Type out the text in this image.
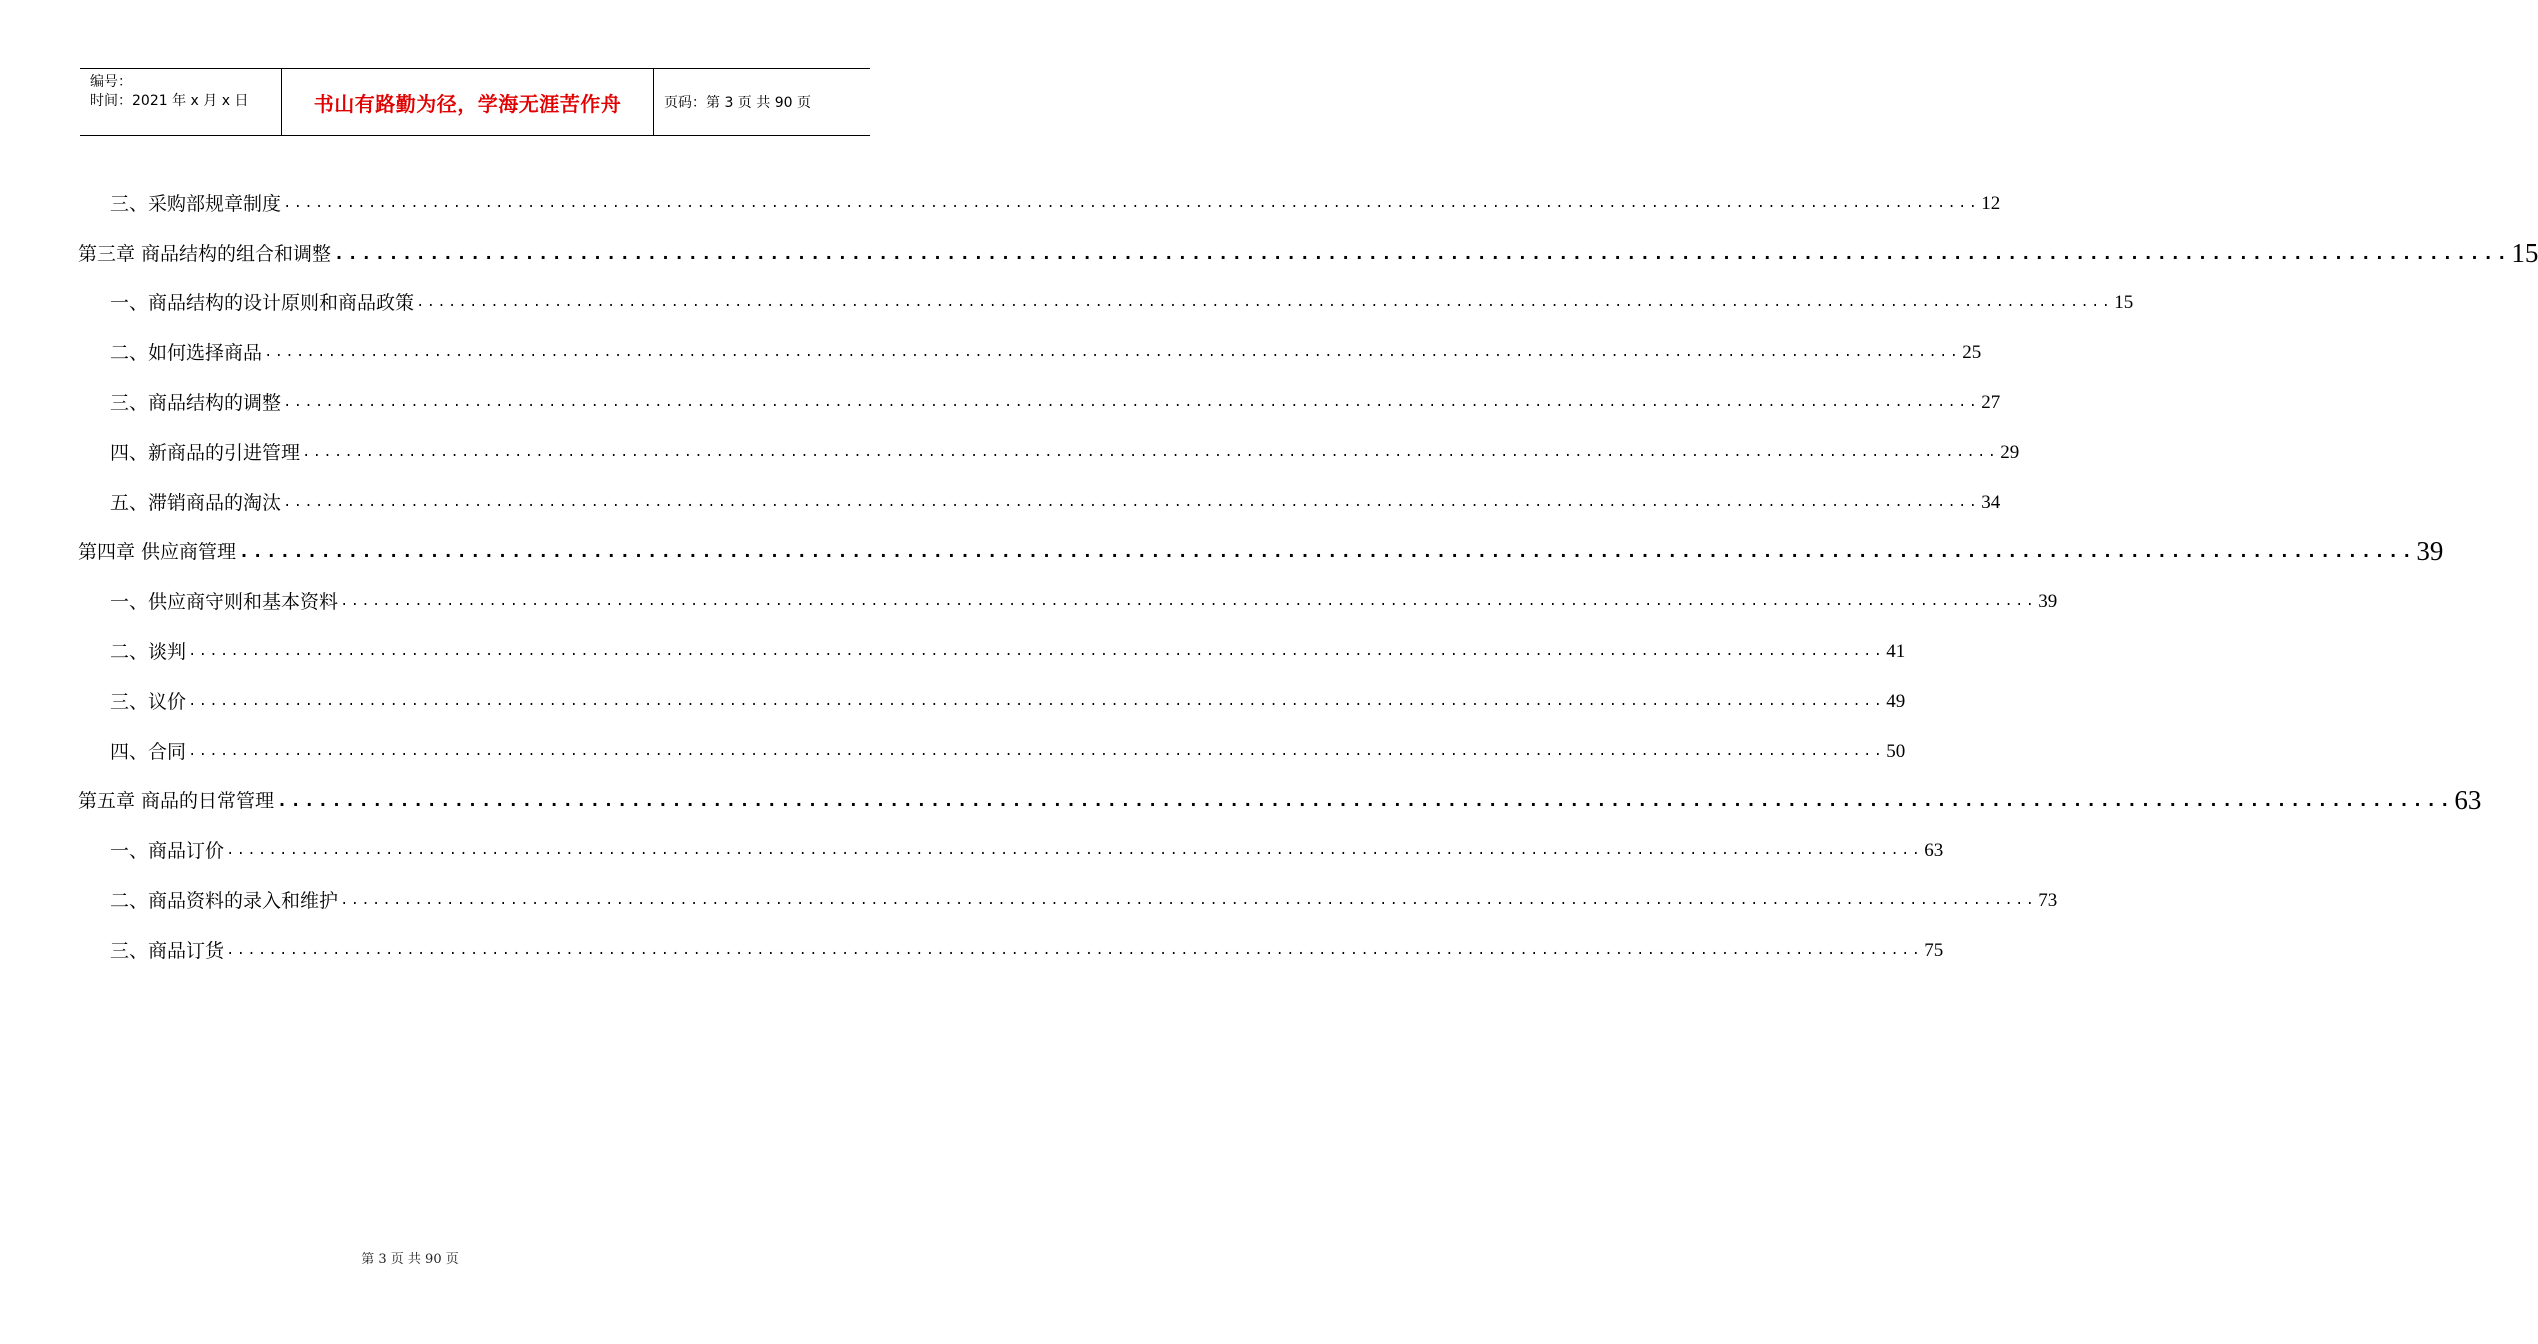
编号：
时间：2021 年 x 月 x 日	书山有路勤为径，学海无涯苦作舟	页码：第 3 页 共 90 页
三、采购部规章制度 ................................................................................................................................................................ 12
第三章 商品结构的组合和调整 ................................................................................................................................................................ 15
一、商品结构的设计原则和商品政策 ................................................................................................................................................................ 15
二、如何选择商品 ................................................................................................................................................................ 25
三、商品结构的调整 ................................................................................................................................................................ 27
四、新商品的引进管理 ................................................................................................................................................................ 29
五、滞销商品的淘汰 ................................................................................................................................................................ 34
第四章 供应商管理 ................................................................................................................................................................ 39
一、供应商守则和基本资料 ................................................................................................................................................................ 39
二、谈判 ................................................................................................................................................................ 41
三、议价 ................................................................................................................................................................ 49
四、合同 ................................................................................................................................................................ 50
第五章 商品的日常管理 ................................................................................................................................................................ 63
一、商品订价 ................................................................................................................................................................ 63
二、商品资料的录入和维护 ................................................................................................................................................................ 73
三、商品订货 ................................................................................................................................................................ 75
第 3 页 共 90 页
